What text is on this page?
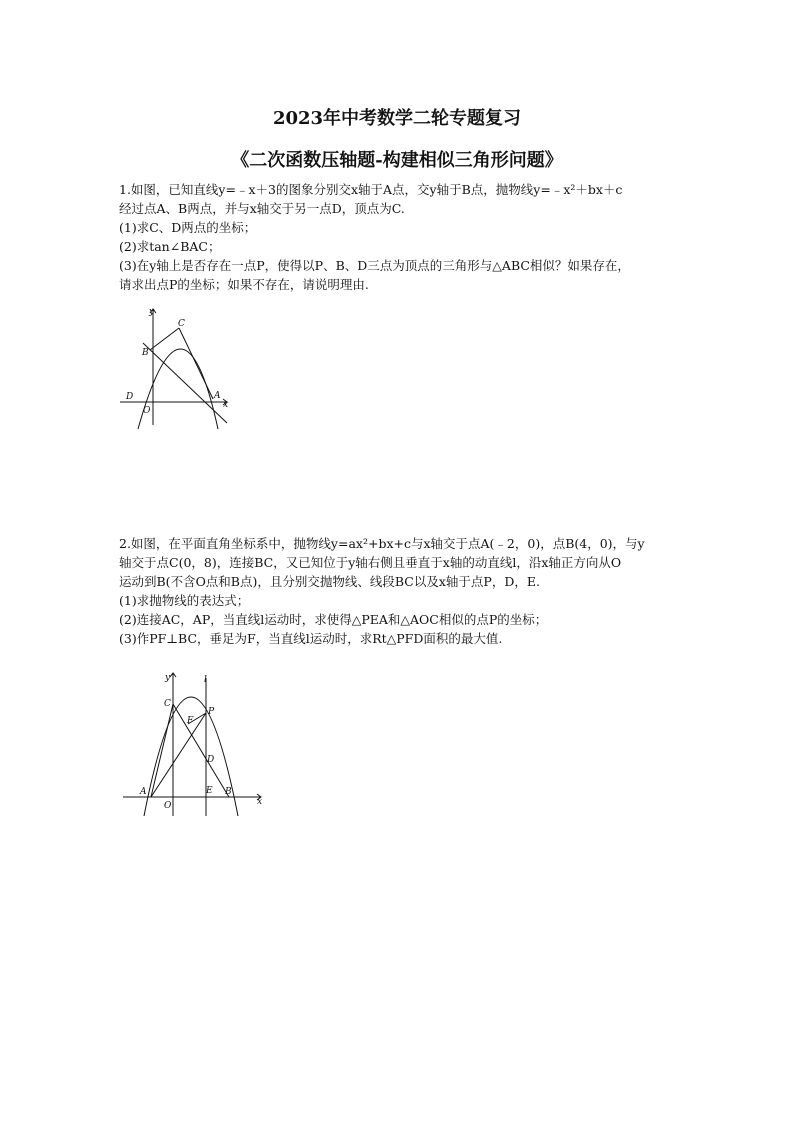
2023年中考数学二轮专题复习
《二次函数压轴题-构建相似三角形问题》

1.如图，已知直线y=﹣x＋3的图象分别交x轴于A点，交y轴于B点，抛物线y=﹣x²＋bx＋c

经过点A、B两点，并与x轴交于另一点D，顶点为C.

(1)求C、D两点的坐标；

(2)求tan∠BAC；

(3)在y轴上是否存在一点P，使得以P、B、D三点为顶点的三角形与△ABC相似？如果存在，

请求出点P的坐标；如果不存在，请说明理由.

y
x
C
B
D
O
A

2.如图，在平面直角坐标系中，抛物线y=ax²+bx+c与x轴交于点A(﹣2，0)，点B(4，0)，与y

轴交于点C(0，8)，连接BC，又已知位于y轴右侧且垂直于x轴的动直线l，沿x轴正方向从O

运动到B(不含O点和B点)，且分别交抛物线、线段BC以及x轴于点P，D，E.

(1)求抛物线的表达式；

(2)连接AC，AP，当直线l运动时，求使得△PEA和△AOC相似的点P的坐标；

(3)作PF⊥BC，垂足为F，当直线l运动时，求Rt△PFD面积的最大值.

y
x
l
C
P
F
D
A
O
E B
